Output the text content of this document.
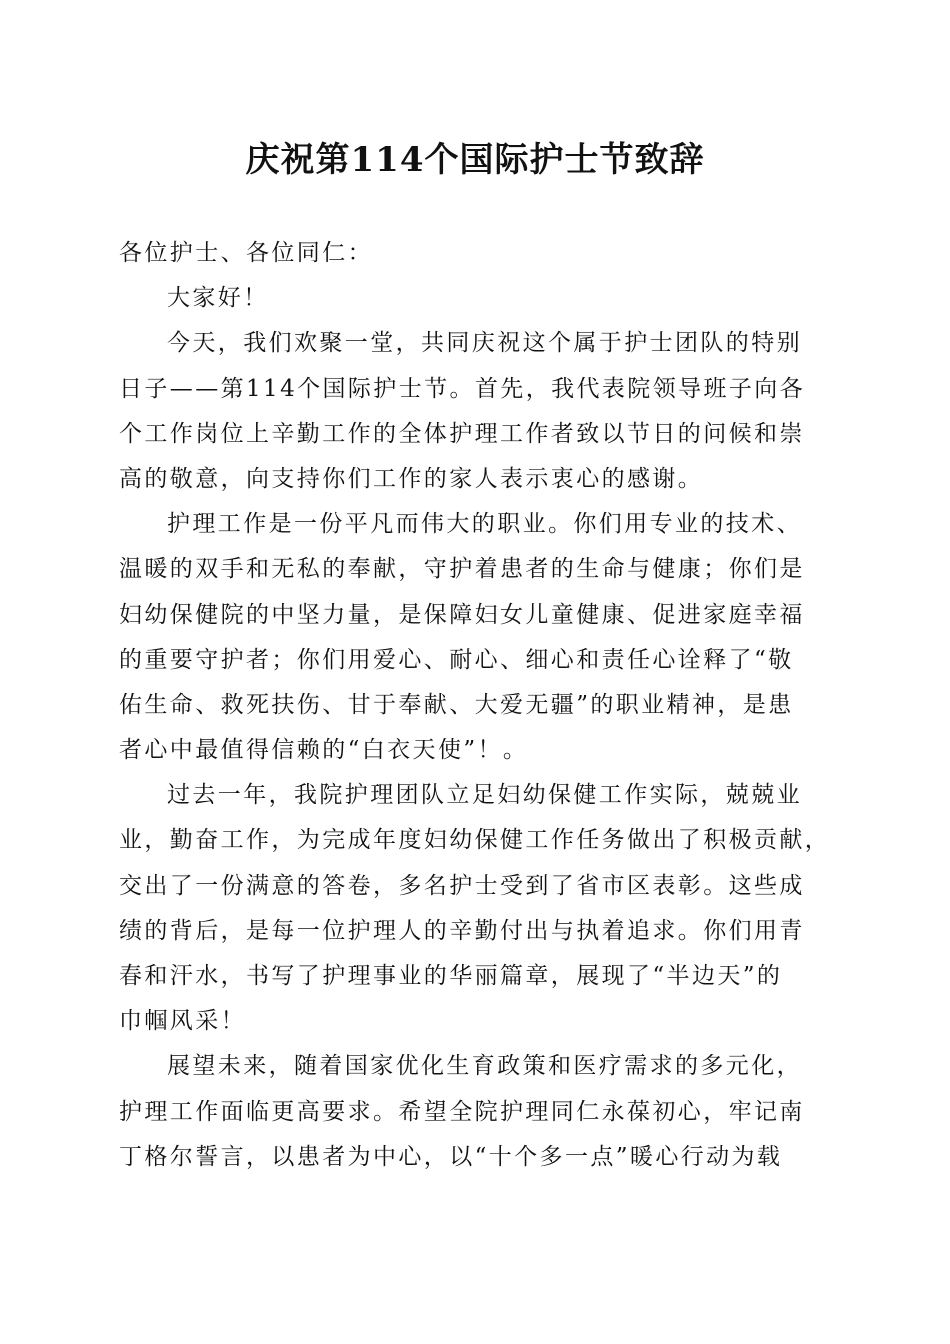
庆祝第114个国际护士节致辞
各位护士、各位同仁：
大家好！
今天，我们欢聚一堂，共同庆祝这个属于护士团队的特别
日子——第114个国际护士节。首先，我代表院领导班子向各
个工作岗位上辛勤工作的全体护理工作者致以节日的问候和崇
高的敬意，向支持你们工作的家人表示衷心的感谢。
护理工作是一份平凡而伟大的职业。你们用专业的技术、
温暖的双手和无私的奉献，守护着患者的生命与健康；你们是
妇幼保健院的中坚力量，是保障妇女儿童健康、促进家庭幸福
的重要守护者；你们用爱心、耐心、细心和责任心诠释了“敬
佑生命、救死扶伤、甘于奉献、大爱无疆”的职业精神，是患
者心中最值得信赖的“白衣天使”！。
过去一年，我院护理团队立足妇幼保健工作实际，兢兢业
业，勤奋工作，为完成年度妇幼保健工作任务做出了积极贡献，
交出了一份满意的答卷，多名护士受到了省市区表彰。这些成
绩的背后，是每一位护理人的辛勤付出与执着追求。你们用青
春和汗水，书写了护理事业的华丽篇章，展现了“半边天”的
巾帼风采！
展望未来，随着国家优化生育政策和医疗需求的多元化，
护理工作面临更高要求。希望全院护理同仁永葆初心，牢记南
丁格尔誓言，以患者为中心，以“十个多一点”暖心行动为载
